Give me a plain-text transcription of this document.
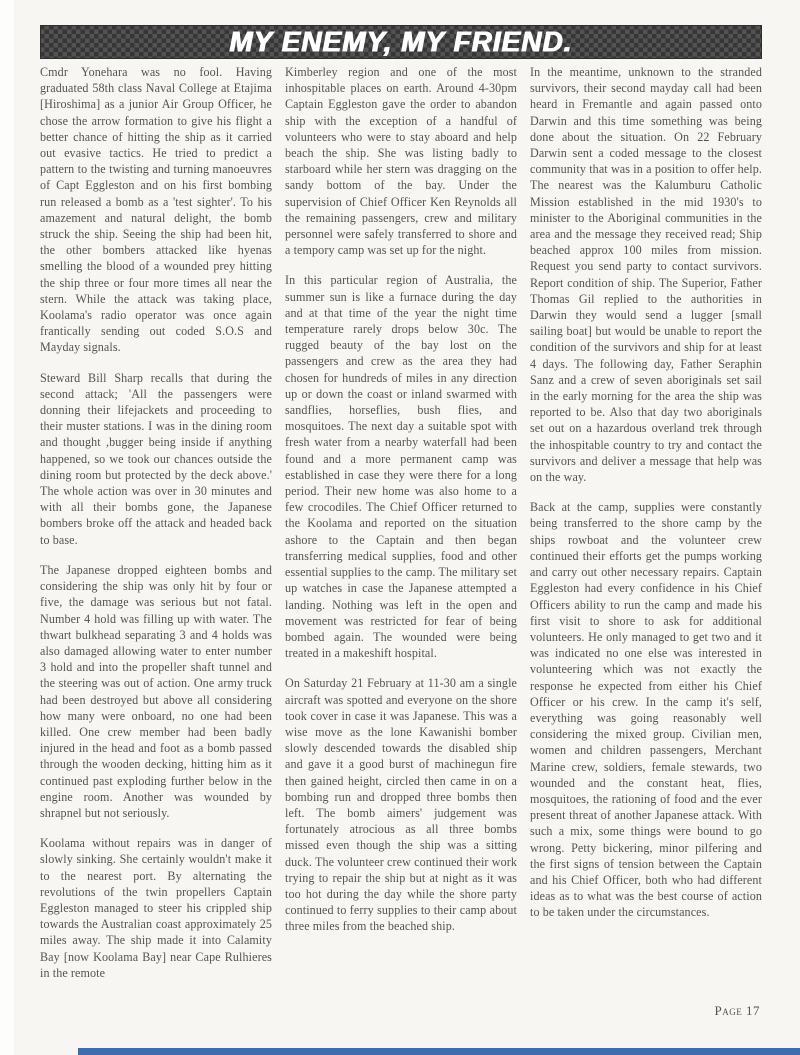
MY ENEMY, MY FRIEND.

Cmdr Yonehara was no fool. Having graduated 58th class Naval College at Etajima [Hiroshima] as a junior Air Group Officer, he chose the arrow formation to give his flight a better chance of hitting the ship as it carried out evasive tactics. He tried to predict a pattern to the twisting and turning manoeuvres of Capt Eggleston and on his first bombing run released a bomb as a 'test sighter'. To his amazement and natural delight, the bomb struck the ship. Seeing the ship had been hit, the other bombers attacked like hyenas smelling the blood of a wounded prey hitting the ship three or four more times all near the stern. While the attack was taking place, Koolama's radio operator was once again frantically sending out coded S.O.S and Mayday signals.

Steward Bill Sharp recalls that during the second attack; 'All the passengers were donning their lifejackets and proceeding to their muster stations. I was in the dining room and thought ,bugger being inside if anything happened, so we took our chances outside the dining room but protected by the deck above.' The whole action was over in 30 minutes and with all their bombs gone, the Japanese bombers broke off the attack and headed back to base.

The Japanese dropped eighteen bombs and considering the ship was only hit by four or five, the damage was serious but not fatal. Number 4 hold was filling up with water. The thwart bulkhead separating 3 and 4 holds was also damaged allowing water to enter number 3 hold and into the propeller shaft tunnel and the steering was out of action. One army truck had been destroyed but above all considering how many were onboard, no one had been killed. One crew member had been badly injured in the head and foot as a bomb passed through the wooden decking, hitting him as it continued past exploding further below in the engine room. Another was wounded by shrapnel but not seriously.

Koolama without repairs was in danger of slowly sinking. She certainly wouldn't make it to the nearest port. By alternating the revolutions of the twin propellers Captain Eggleston managed to steer his crippled ship towards the Australian coast approximately 25 miles away. The ship made it into Calamity Bay [now Koolama Bay] near Cape Rulhieres in the remote

Kimberley region and one of the most inhospitable places on earth. Around 4-30pm Captain Eggleston gave the order to abandon ship with the exception of a handful of volunteers who were to stay aboard and help beach the ship. She was listing badly to starboard while her stern was dragging on the sandy bottom of the bay. Under the supervision of Chief Officer Ken Reynolds all the remaining passengers, crew and military personnel were safely transferred to shore and a tempory camp was set up for the night.

In this particular region of Australia, the summer sun is like a furnace during the day and at that time of the year the night time temperature rarely drops below 30c. The rugged beauty of the bay lost on the passengers and crew as the area they had chosen for hundreds of miles in any direction up or down the coast or inland swarmed with sandflies, horseflies, bush flies, and mosquitoes. The next day a suitable spot with fresh water from a nearby waterfall had been found and a more permanent camp was established in case they were there for a long period. Their new home was also home to a few crocodiles. The Chief Officer returned to the Koolama and reported on the situation ashore to the Captain and then began transferring medical supplies, food and other essential supplies to the camp. The military set up watches in case the Japanese attempted a landing. Nothing was left in the open and movement was restricted for fear of being bombed again. The wounded were being treated in a makeshift hospital.

On Saturday 21 February at 11-30 am a single aircraft was spotted and everyone on the shore took cover in case it was Japanese. This was a wise move as the lone Kawanishi bomber slowly descended towards the disabled ship and gave it a good burst of machinegun fire then gained height, circled then came in on a bombing run and dropped three bombs then left. The bomb aimers' judgement was fortunately atrocious as all three bombs missed even though the ship was a sitting duck. The volunteer crew continued their work trying to repair the ship but at night as it was too hot during the day while the shore party continued to ferry supplies to their camp about three miles from the beached ship.

In the meantime, unknown to the stranded survivors, their second mayday call had been heard in Fremantle and again passed onto Darwin and this time something was being done about the situation. On 22 February Darwin sent a coded message to the closest community that was in a position to offer help. The nearest was the Kalumburu Catholic Mission established in the mid 1930's to minister to the Aboriginal communities in the area and the message they received read; Ship beached approx 100 miles from mission. Request you send party to contact survivors. Report condition of ship. The Superior, Father Thomas Gil replied to the authorities in Darwin they would send a lugger [small sailing boat] but would be unable to report the condition of the survivors and ship for at least 4 days. The following day, Father Seraphin Sanz and a crew of seven aboriginals set sail in the early morning for the area the ship was reported to be. Also that day two aboriginals set out on a hazardous overland trek through the inhospitable country to try and contact the survivors and deliver a message that help was on the way.

Back at the camp, supplies were constantly being transferred to the shore camp by the ships rowboat and the volunteer crew continued their efforts get the pumps working and carry out other necessary repairs. Captain Eggleston had every confidence in his Chief Officers ability to run the camp and made his first visit to shore to ask for additional volunteers. He only managed to get two and it was indicated no one else was interested in volunteering which was not exactly the response he expected from either his Chief Officer or his crew. In the camp it's self, everything was going reasonably well considering the mixed group. Civilian men, women and children passengers, Merchant Marine crew, soldiers, female stewards, two wounded and the constant heat, flies, mosquitoes, the rationing of food and the ever present threat of another Japanese attack. With such a mix, some things were bound to go wrong. Petty bickering, minor pilfering and the first signs of tension between the Captain and his Chief Officer, both who had different ideas as to what was the best course of action to be taken under the circumstances.

Page 17
